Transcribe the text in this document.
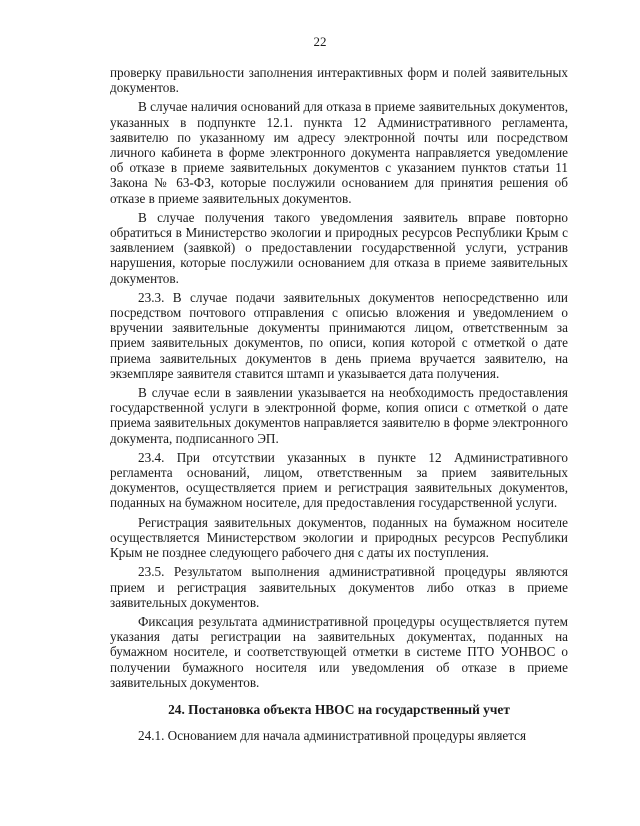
22

проверку правильности заполнения интерактивных форм и полей заявительных документов.

В случае наличия оснований для отказа в приеме заявительных документов, указанных в подпункте 12.1. пункта 12 Административного регламента, заявителю по указанному им адресу электронной почты или посредством личного кабинета в форме электронного документа направляется уведомление об отказе в приеме заявительных документов с указанием пунктов статьи 11 Закона № 63-ФЗ, которые послужили основанием для принятия решения об отказе в приеме заявительных документов.

В случае получения такого уведомления заявитель вправе повторно обратиться в Министерство экологии и природных ресурсов Республики Крым с заявлением (заявкой) о предоставлении государственной услуги, устранив нарушения, которые послужили основанием для отказа в приеме заявительных документов.

23.3. В случае подачи заявительных документов непосредственно или посредством почтового отправления с описью вложения и уведомлением о вручении заявительные документы принимаются лицом, ответственным за прием заявительных документов, по описи, копия которой с отметкой о дате приема заявительных документов в день приема вручается заявителю, на экземпляре заявителя ставится штамп и указывается дата получения.

В случае если в заявлении указывается на необходимость предоставления государственной услуги в электронной форме, копия описи с отметкой о дате приема заявительных документов направляется заявителю в форме электронного документа, подписанного ЭП.

23.4. При отсутствии указанных в пункте 12 Административного регламента оснований, лицом, ответственным за прием заявительных документов, осуществляется прием и регистрация заявительных документов, поданных на бумажном носителе, для предоставления государственной услуги.

Регистрация заявительных документов, поданных на бумажном носителе осуществляется Министерством экологии и природных ресурсов Республики Крым не позднее следующего рабочего дня с даты их поступления.

23.5. Результатом выполнения административной процедуры являются прием и регистрация заявительных документов либо отказ в приеме заявительных документов.

Фиксация результата административной процедуры осуществляется путем указания даты регистрации на заявительных документах, поданных на бумажном носителе, и соответствующей отметки в системе ПТО УОНВОС о получении бумажного носителя или уведомления об отказе в приеме заявительных документов.

24. Постановка объекта НВОС на государственный учет

24.1. Основанием для начала административной процедуры является
